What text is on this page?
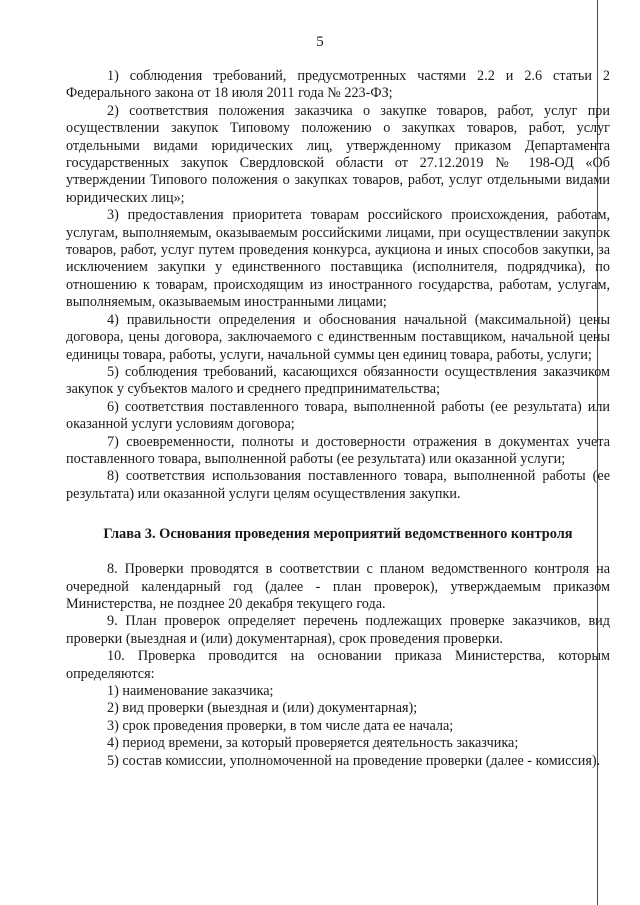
5

1) соблюдения требований, предусмотренных частями 2.2 и 2.6 статьи 2 Федерального закона от 18 июля 2011 года № 223-ФЗ;

2) соответствия положения заказчика о закупке товаров, работ, услуг при осуществлении закупок Типовому положению о закупках товаров, работ, услуг отдельными видами юридических лиц, утвержденному приказом Департамента государственных закупок Свердловской области от 27.12.2019 № 198-ОД «Об утверждении Типового положения о закупках товаров, работ, услуг отдельными видами юридических лиц»;

3) предоставления приоритета товарам российского происхождения, работам, услугам, выполняемым, оказываемым российскими лицами, при осуществлении закупок товаров, работ, услуг путем проведения конкурса, аукциона и иных способов закупки, за исключением закупки у единственного поставщика (исполнителя, подрядчика), по отношению к товарам, происходящим из иностранного государства, работам, услугам, выполняемым, оказываемым иностранными лицами;

4) правильности определения и обоснования начальной (максимальной) цены договора, цены договора, заключаемого с единственным поставщиком, начальной цены единицы товара, работы, услуги, начальной суммы цен единиц товара, работы, услуги;

5) соблюдения требований, касающихся обязанности осуществления заказчиком закупок у субъектов малого и среднего предпринимательства;

6) соответствия поставленного товара, выполненной работы (ее результата) или оказанной услуги условиям договора;

7) своевременности, полноты и достоверности отражения в документах учета поставленного товара, выполненной работы (ее результата) или оказанной услуги;

8) соответствия использования поставленного товара, выполненной работы (ее результата) или оказанной услуги целям осуществления закупки.

Глава 3. Основания проведения мероприятий ведомственного контроля

8. Проверки проводятся в соответствии с планом ведомственного контроля на очередной календарный год (далее - план проверок), утверждаемым приказом Министерства, не позднее 20 декабря текущего года.

9. План проверок определяет перечень подлежащих проверке заказчиков, вид проверки (выездная и (или) документарная), срок проведения проверки.

10. Проверка проводится на основании приказа Министерства, которым определяются:

1) наименование заказчика;

2) вид проверки (выездная и (или) документарная);

3) срок проведения проверки, в том числе дата ее начала;

4) период времени, за который проверяется деятельность заказчика;

5) состав комиссии, уполномоченной на проведение проверки (далее - комиссия).
